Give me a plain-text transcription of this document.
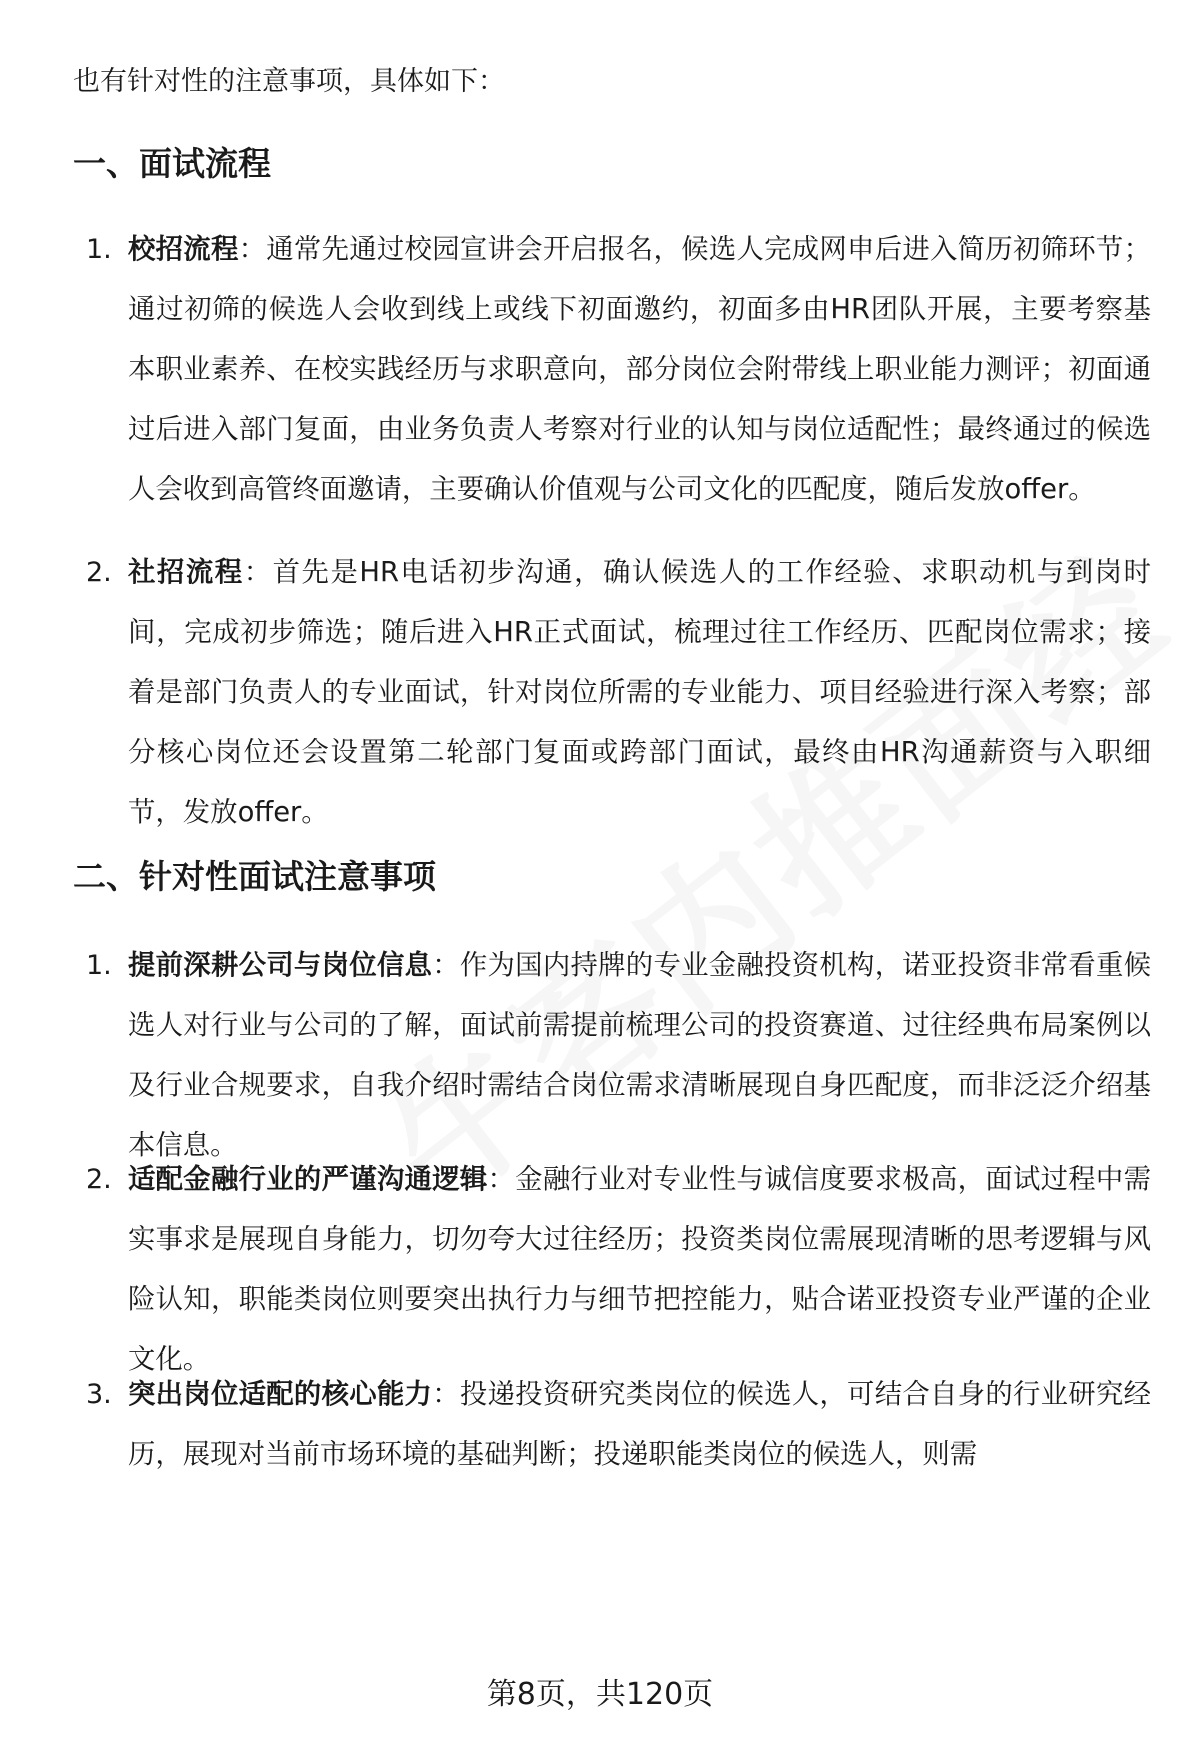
也有针对性的注意事项，具体如下：
一、面试流程
1. 校招流程：通常先通过校园宣讲会开启报名，候选人完成网申后进入简历初筛环节；通过初筛的候选人会收到线上或线下初面邀约，初面多由HR团队开展，主要考察基本职业素养、在校实践经历与求职意向，部分岗位会附带线上职业能力测评；初面通过后进入部门复面，由业务负责人考察对行业的认知与岗位适配性；最终通过的候选人会收到高管终面邀请，主要确认价值观与公司文化的匹配度，随后发放offer。
2. 社招流程：首先是HR电话初步沟通，确认候选人的工作经验、求职动机与到岗时间，完成初步筛选；随后进入HR正式面试，梳理过往工作经历、匹配岗位需求；接着是部门负责人的专业面试，针对岗位所需的专业能力、项目经验进行深入考察；部分核心岗位还会设置第二轮部门复面或跨部门面试，最终由HR沟通薪资与入职细节，发放offer。
二、针对性面试注意事项
1. 提前深耕公司与岗位信息：作为国内持牌的专业金融投资机构，诺亚投资非常看重候选人对行业与公司的了解，面试前需提前梳理公司的投资赛道、过往经典布局案例以及行业合规要求，自我介绍时需结合岗位需求清晰展现自身匹配度，而非泛泛介绍基本信息。
2. 适配金融行业的严谨沟通逻辑：金融行业对专业性与诚信度要求极高，面试过程中需实事求是展现自身能力，切勿夸大过往经历；投资类岗位需展现清晰的思考逻辑与风险认知，职能类岗位则要突出执行力与细节把控能力，贴合诺亚投资专业严谨的企业文化。
3. 突出岗位适配的核心能力：投递投资研究类岗位的候选人，可结合自身的行业研究经历，展现对当前市场环境的基础判断；投递职能类岗位的候选人，则需
第8页，共120页
